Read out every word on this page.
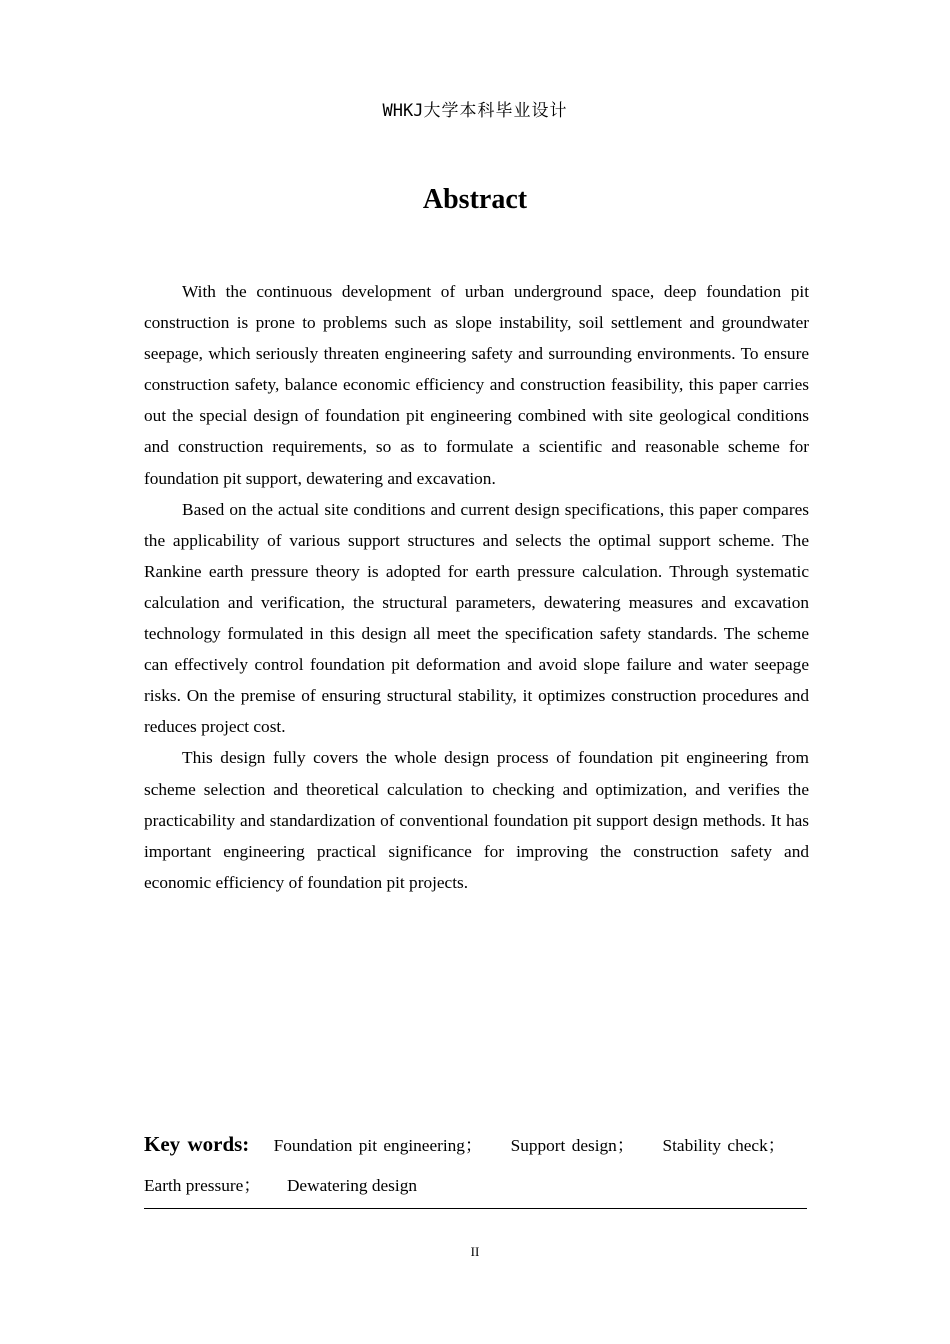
WHKJ大学本科毕业设计
Abstract

With the continuous development of urban underground space, deep foundation pit construction is prone to problems such as slope instability, soil settlement and groundwater seepage, which seriously threaten engineering safety and surrounding environments. To ensure construction safety, balance economic efficiency and construction feasibility, this paper carries out the special design of foundation pit engineering combined with site geological conditions and construction requirements, so as to formulate a scientific and reasonable scheme for foundation pit support, dewatering and excavation.

Based on the actual site conditions and current design specifications, this paper compares the applicability of various support structures and selects the optimal support scheme. The Rankine earth pressure theory is adopted for earth pressure calculation. Through systematic calculation and verification, the structural parameters, dewatering measures and excavation technology formulated in this design all meet the specification safety standards. The scheme can effectively control foundation pit deformation and avoid slope failure and water seepage risks. On the premise of ensuring structural stability, it optimizes construction procedures and reduces project cost.

This design fully covers the whole design process of foundation pit engineering from scheme selection and theoretical calculation to checking and optimization, and verifies the practicability and standardization of conventional foundation pit support design methods. It has important engineering practical significance for improving the construction safety and economic efficiency of foundation pit projects.

Key words: Foundation pit engineering； Support design； Stability check； Earth pressure； Dewatering design
II
